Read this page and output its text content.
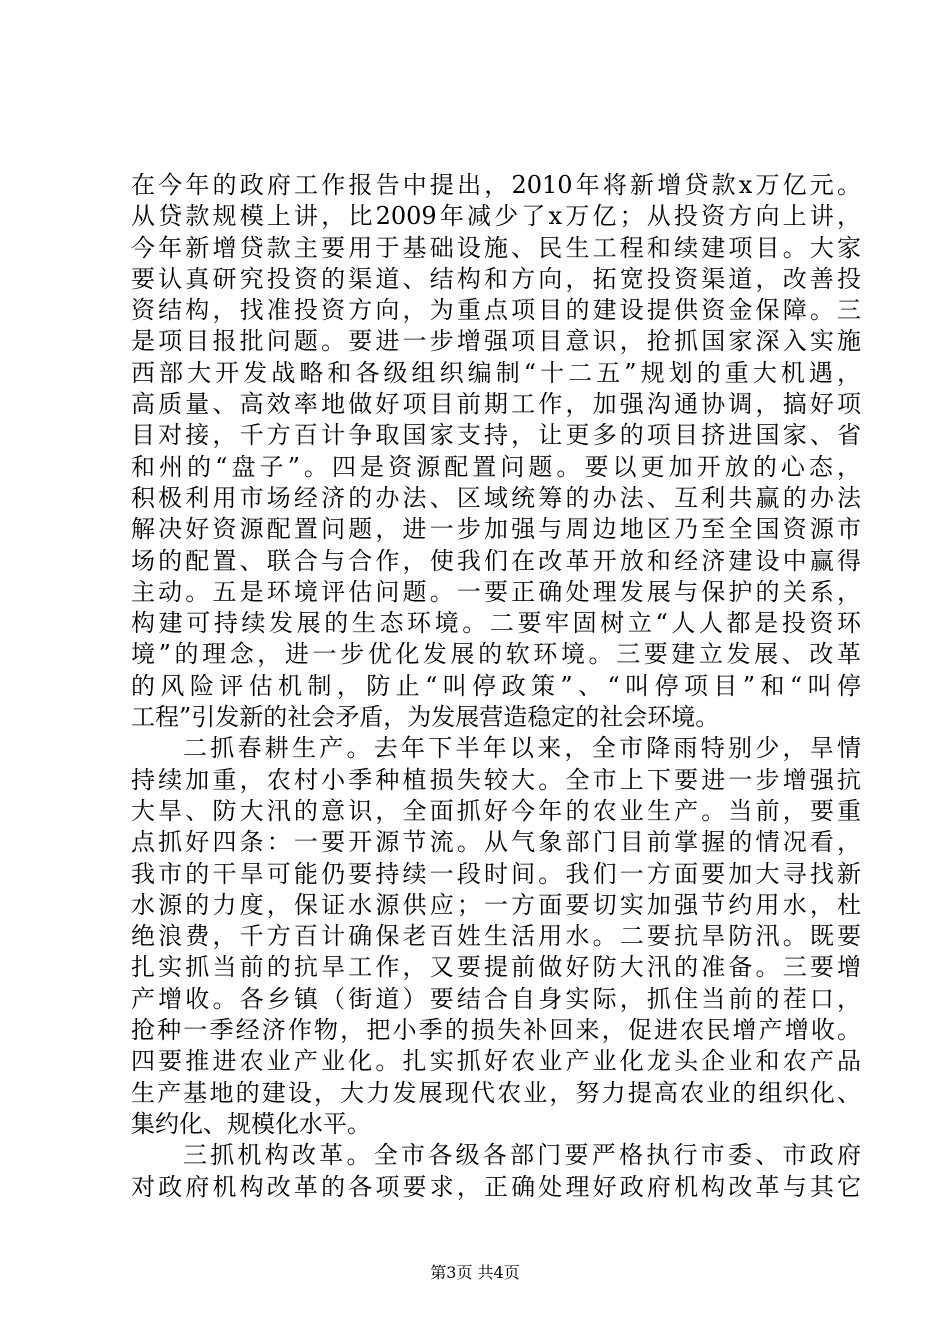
在今年的政府工作报告中提出，2010年将新增贷款x万亿元。
从贷款规模上讲，比2009年减少了x万亿；从投资方向上讲，
今年新增贷款主要用于基础设施、民生工程和续建项目。大家
要认真研究投资的渠道、结构和方向，拓宽投资渠道，改善投
资结构，找准投资方向，为重点项目的建设提供资金保障。三
是项目报批问题。要进一步增强项目意识，抢抓国家深入实施
西部大开发战略和各级组织编制“十二五”规划的重大机遇，
高质量、高效率地做好项目前期工作，加强沟通协调，搞好项
目对接，千方百计争取国家支持，让更多的项目挤进国家、省
和州的“盘子”。四是资源配置问题。要以更加开放的心态，
积极利用市场经济的办法、区域统筹的办法、互利共赢的办法
解决好资源配置问题，进一步加强与周边地区乃至全国资源市
场的配置、联合与合作，使我们在改革开放和经济建设中赢得
主动。五是环境评估问题。一要正确处理发展与保护的关系，
构建可持续发展的生态环境。二要牢固树立“人人都是投资环
境”的理念，进一步优化发展的软环境。三要建立发展、改革
的风险评估机制，防止“叫停政策”、“叫停项目”和“叫停
工程”引发新的社会矛盾，为发展营造稳定的社会环境。
二抓春耕生产。去年下半年以来，全市降雨特别少，旱情
持续加重，农村小季种植损失较大。全市上下要进一步增强抗
大旱、防大汛的意识，全面抓好今年的农业生产。当前，要重
点抓好四条：一要开源节流。从气象部门目前掌握的情况看，
我市的干旱可能仍要持续一段时间。我们一方面要加大寻找新
水源的力度，保证水源供应；一方面要切实加强节约用水，杜
绝浪费，千方百计确保老百姓生活用水。二要抗旱防汛。既要
扎实抓当前的抗旱工作，又要提前做好防大汛的准备。三要增
产增收。各乡镇（街道）要结合自身实际，抓住当前的茬口，
抢种一季经济作物，把小季的损失补回来，促进农民增产增收。
四要推进农业产业化。扎实抓好农业产业化龙头企业和农产品
生产基地的建设，大力发展现代农业，努力提高农业的组织化、
集约化、规模化水平。
三抓机构改革。全市各级各部门要严格执行市委、市政府
对政府机构改革的各项要求，正确处理好政府机构改革与其它
第3页 共4页
